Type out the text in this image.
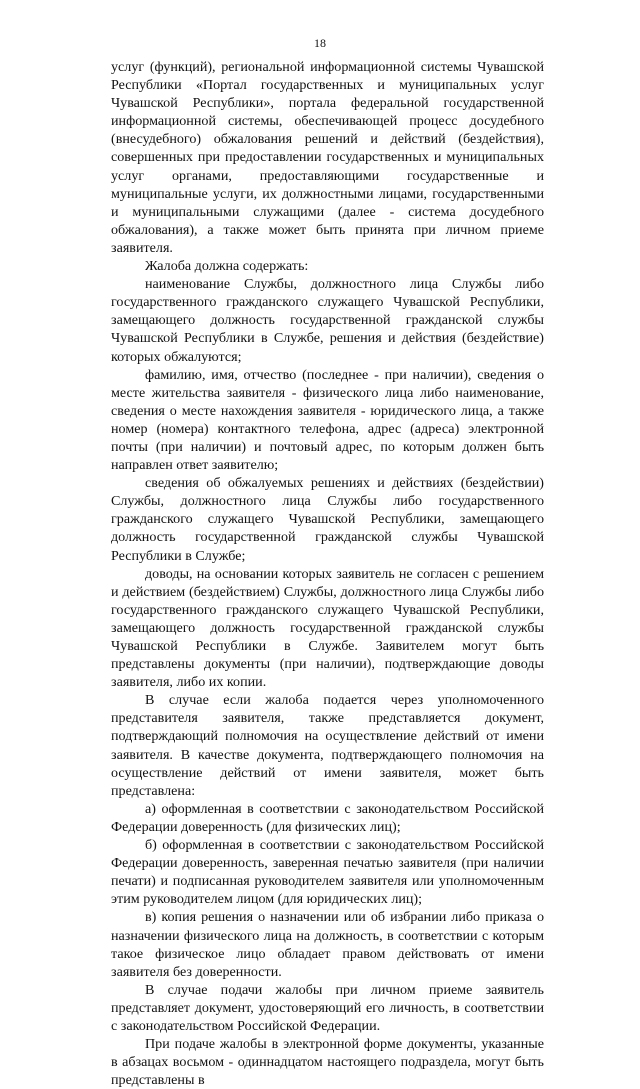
18

услуг (функций), региональной информационной системы Чувашской Республики «Портал государственных и муниципальных услуг Чувашской Республики», портала федеральной государственной информационной системы, обеспечивающей процесс досудебного (внесудебного) обжалования решений и действий (бездействия), совершенных при предоставлении государственных и муниципальных услуг органами, предоставляющими государственные и муниципальные услуги, их должностными лицами, государственными и муниципальными служащими (далее - система досудебного обжалования), а также может быть принята при личном приеме заявителя.

Жалоба должна содержать:

наименование Службы, должностного лица Службы либо государственного гражданского служащего Чувашской Республики, замещающего должность государственной гражданской службы Чувашской Республики в Службе, решения и действия (бездействие) которых обжалуются;

фамилию, имя, отчество (последнее - при наличии), сведения о месте жительства заявителя - физического лица либо наименование, сведения о месте нахождения заявителя - юридического лица, а также номер (номера) контактного телефона, адрес (адреса) электронной почты (при наличии) и почтовый адрес, по которым должен быть направлен ответ заявителю;

сведения об обжалуемых решениях и действиях (бездействии) Службы, должностного лица Службы либо государственного гражданского служащего Чувашской Республики, замещающего должность государственной гражданской службы Чувашской Республики в Службе;

доводы, на основании которых заявитель не согласен с решением и действием (бездействием) Службы, должностного лица Службы либо государственного гражданского служащего Чувашской Республики, замещающего должность государственной гражданской службы Чувашской Республики в Службе. Заявителем могут быть представлены документы (при наличии), подтверждающие доводы заявителя, либо их копии.

В случае если жалоба подается через уполномоченного представителя заявителя, также представляется документ, подтверждающий полномочия на осуществление действий от имени заявителя. В качестве документа, подтверждающего полномочия на осуществление действий от имени заявителя, может быть представлена:

а) оформленная в соответствии с законодательством Российской Федерации доверенность (для физических лиц);

б) оформленная в соответствии с законодательством Российской Федерации доверенность, заверенная печатью заявителя (при наличии печати) и подписанная руководителем заявителя или уполномоченным этим руководителем лицом (для юридических лиц);

в) копия решения о назначении или об избрании либо приказа о назначении физического лица на должность, в соответствии с которым такое физическое лицо обладает правом действовать от имени заявителя без доверенности.

В случае подачи жалобы при личном приеме заявитель представляет документ, удостоверяющий его личность, в соответствии с законодательством Российской Федерации.

При подаче жалобы в электронной форме документы, указанные в абзацах восьмом - одиннадцатом настоящего подраздела, могут быть представлены в
